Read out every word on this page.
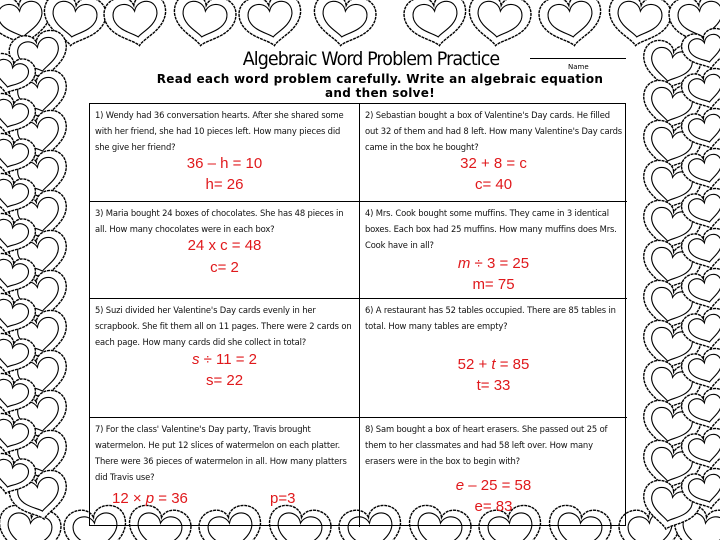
Algebraic Word Problem Practice	Name
Read each word problem carefully. Write an algebraic equation and then solve!
1) Wendy had 36 conversation hearts. After she shared some with her friend, she had 10 pieces left. How many pieces did she give her friend?
36 – h = 10
h= 26
2) Sebastian bought a box of Valentine's Day cards. He filled out 32 of them and had 8 left. How many Valentine's Day cards came in the box he bought?
32 + 8 = c
c= 40
3) Maria bought 24 boxes of chocolates. She has 48 pieces in all. How many chocolates were in each box?
24 x c = 48
c= 2
4) Mrs. Cook bought some muffins. They came in 3 identical boxes. Each box had 25 muffins. How many muffins does Mrs. Cook have in all?
m ÷ 3 = 25
m= 75
5) Suzi divided her Valentine's Day cards evenly in her scrapbook. She fit them all on 11 pages. There were 2 cards on each page. How many cards did she collect in total?
s ÷ 11 = 2
s= 22
6) A restaurant has 52 tables occupied. There are 85 tables in total. How many tables are empty?
52 + t = 85
t= 33
7) For the class' Valentine's Day party, Travis brought watermelon. He put 12 slices of watermelon on each platter. There were 36 pieces of watermelon in all. How many platters did Travis use?
12 × p = 36	p=3
8) Sam bought a box of heart erasers. She passed out 25 of them to her classmates and had 58 left over. How many erasers were in the box to begin with?
e – 25 = 58
e= 83
